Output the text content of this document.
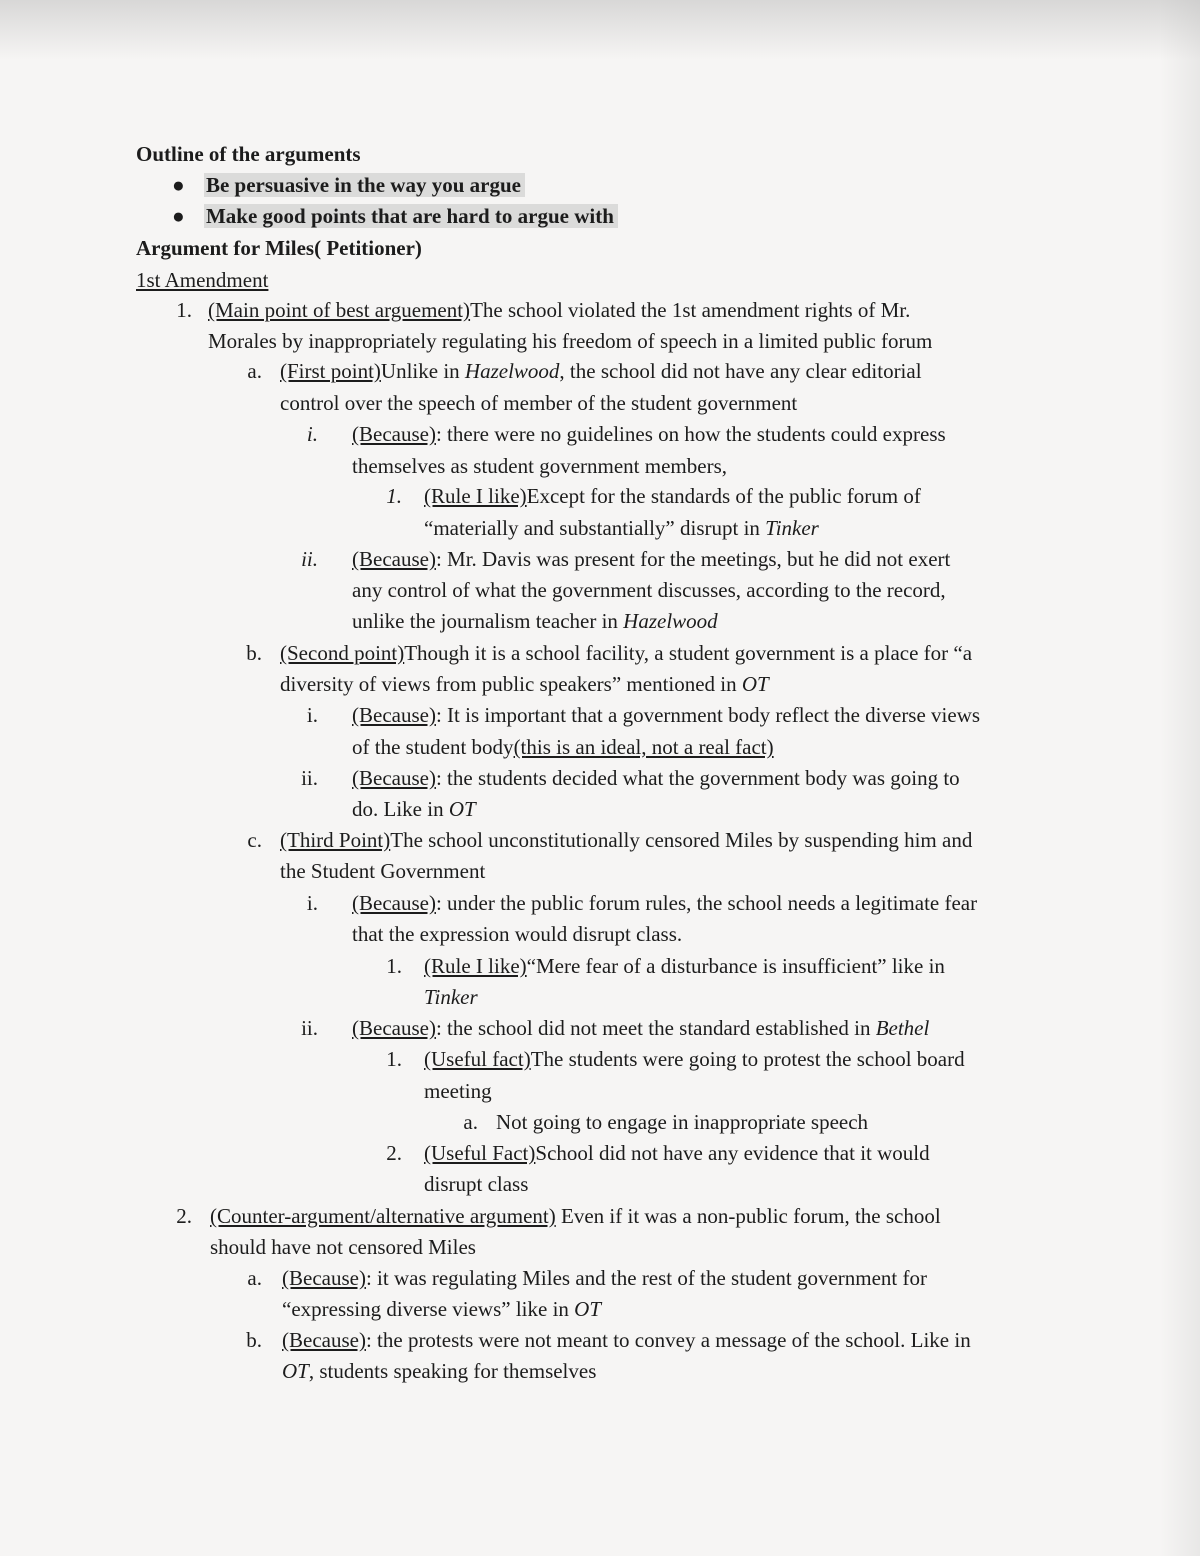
Outline of the arguments
● Be persuasive in the way you argue
● Make good points that are hard to argue with
Argument for Miles( Petitioner)
1st Amendment
1. (Main point of best arguement)The school violated the 1st amendment rights of Mr.
Morales by inappropriately regulating his freedom of speech in a limited public forum
a. (First point)Unlike in Hazelwood, the school did not have any clear editorial
control over the speech of member of the student government
i. (Because): there were no guidelines on how the students could express
themselves as student government members,
1. (Rule I like)Except for the standards of the public forum of
“materially and substantially” disrupt in Tinker
ii. (Because): Mr. Davis was present for the meetings, but he did not exert
any control of what the government discusses, according to the record,
unlike the journalism teacher in Hazelwood
b. (Second point)Though it is a school facility, a student government is a place for “a
diversity of views from public speakers” mentioned in OT
i. (Because): It is important that a government body reflect the diverse views
of the student body(this is an ideal, not a real fact)
ii. (Because): the students decided what the government body was going to
do. Like in OT
c. (Third Point)The school unconstitutionally censored Miles by suspending him and
the Student Government
i. (Because): under the public forum rules, the school needs a legitimate fear
that the expression would disrupt class.
1. (Rule I like)“Mere fear of a disturbance is insufficient” like in
Tinker
ii. (Because): the school did not meet the standard established in Bethel
1. (Useful fact)The students were going to protest the school board
meeting
a. Not going to engage in inappropriate speech
2. (Useful Fact)School did not have any evidence that it would
disrupt class
2. (Counter-argument/alternative argument) Even if it was a non-public forum, the school
should have not censored Miles
a. (Because): it was regulating Miles and the rest of the student government for
“expressing diverse views” like in OT
b. (Because): the protests were not meant to convey a message of the school. Like in
OT, students speaking for themselves
